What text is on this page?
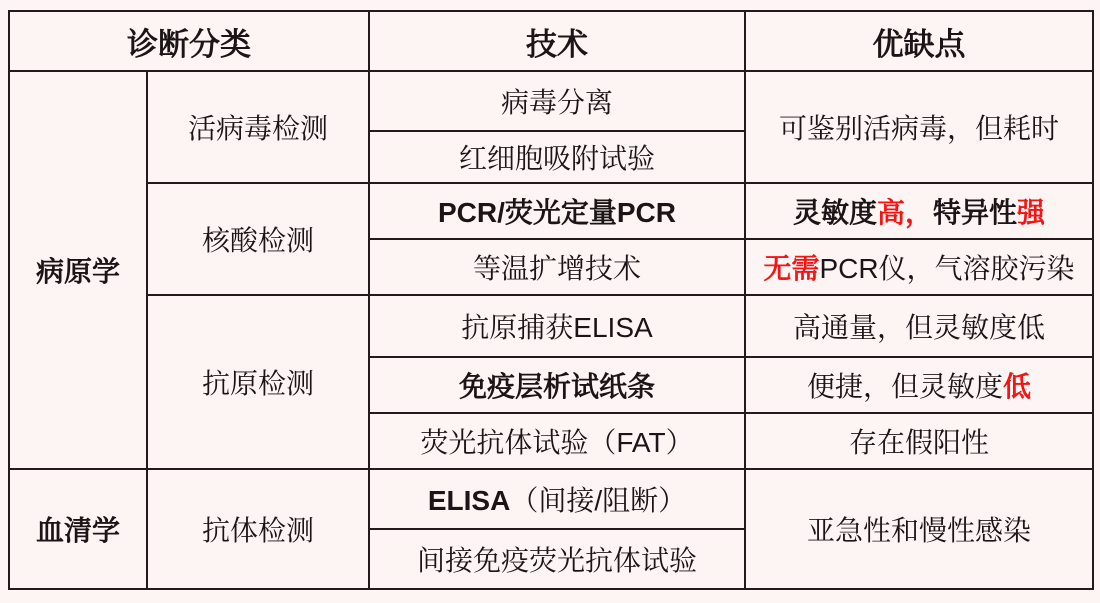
诊断分类		技术	优缺点
病原学	活病毒检测	病毒分离	可鉴别活病毒，但耗时
		红细胞吸附试验	
	核酸检测	PCR/荧光定量PCR	灵敏度高，特异性强
		等温扩增技术	无需PCR仪，气溶胶污染
	抗原检测	抗原捕获ELISA	高通量，但灵敏度低
		免疫层析试纸条	便捷，但灵敏度低
		荧光抗体试验（FAT）	存在假阳性
血清学	抗体检测	ELISA（间接/阻断）	亚急性和慢性感染
		间接免疫荧光抗体试验	
